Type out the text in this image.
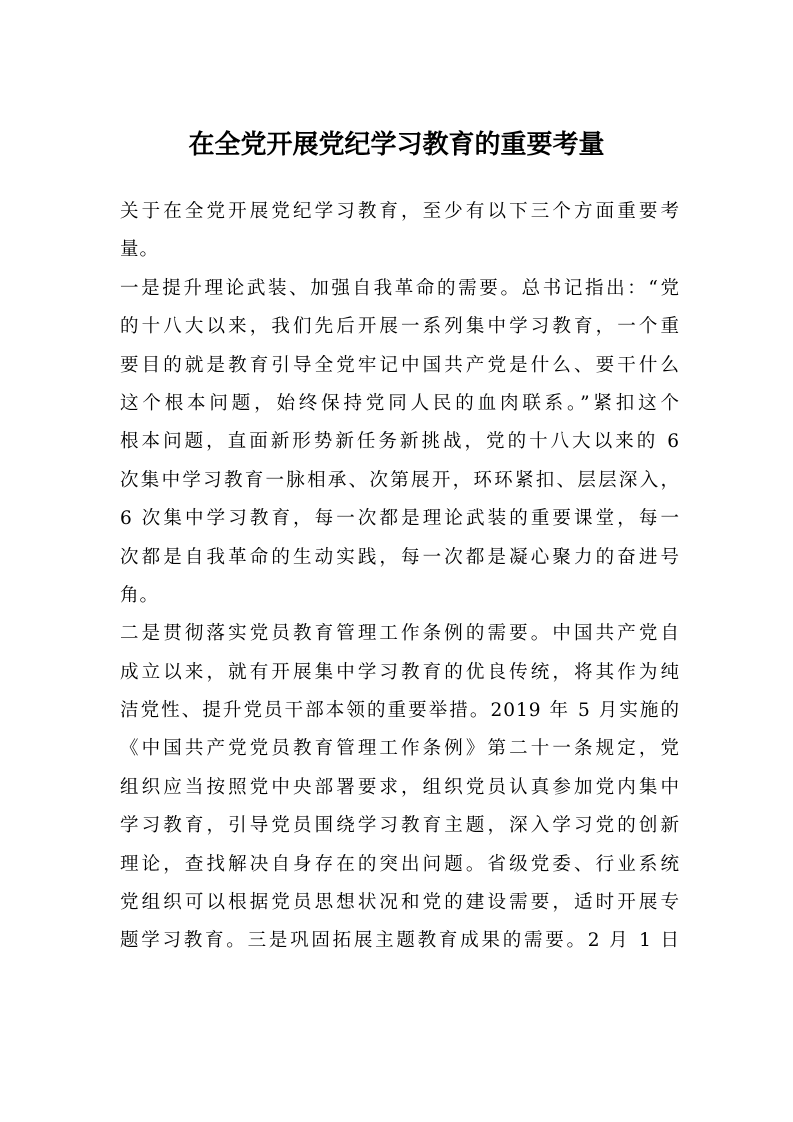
在全党开展党纪学习教育的重要考量
关于在全党开展党纪学习教育，至少有以下三个方面重要考
量。
一是提升理论武装、加强自我革命的需要。总书记指出：“党
的十八大以来，我们先后开展一系列集中学习教育，一个重
要目的就是教育引导全党牢记中国共产党是什么、要干什么
这个根本问题，始终保持党同人民的血肉联系。”紧扣这个
根本问题，直面新形势新任务新挑战，党的十八大以来的 6
次集中学习教育一脉相承、次第展开，环环紧扣、层层深入，
6 次集中学习教育，每一次都是理论武装的重要课堂，每一
次都是自我革命的生动实践，每一次都是凝心聚力的奋进号
角。
二是贯彻落实党员教育管理工作条例的需要。中国共产党自
成立以来，就有开展集中学习教育的优良传统，将其作为纯
洁党性、提升党员干部本领的重要举措。2019 年 5 月实施的
《中国共产党党员教育管理工作条例》第二十一条规定，党
组织应当按照党中央部署要求，组织党员认真参加党内集中
学习教育，引导党员围绕学习教育主题，深入学习党的创新
理论，查找解决自身存在的突出问题。省级党委、行业系统
党组织可以根据党员思想状况和党的建设需要，适时开展专
题学习教育。三是巩固拓展主题教育成果的需要。2 月 1 日
